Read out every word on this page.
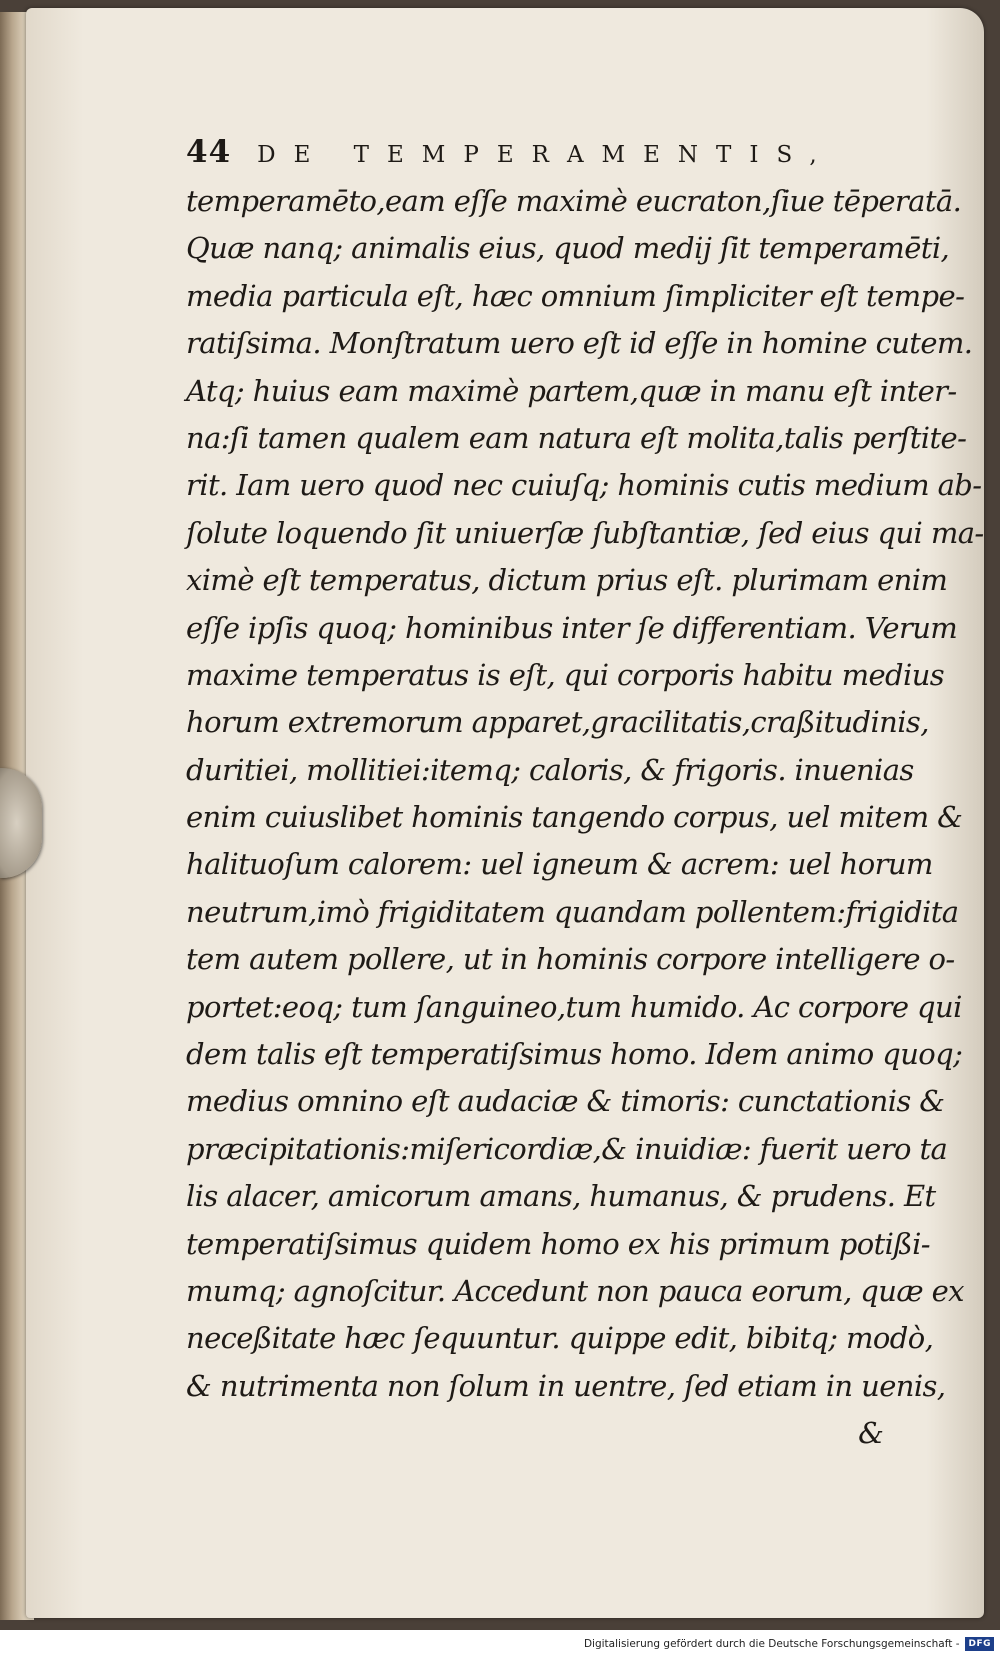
44 DE TEMPERAMENTIS,
temperamēto,eam eſſe maximè eucraton,ſiue tēperatā.
Quæ nanq; animalis eius, quod medij ſit temperamēti,
media particula eſt, hæc omnium ſimpliciter eſt tempe-
ratiſsima. Monſtratum uero eſt id eſſe in homine cutem.
Atq; huius eam maximè partem,quæ in manu eſt inter-
na:ſi tamen qualem eam natura eſt molita,talis perſtite-
rit. Iam uero quod nec cuiuſq; hominis cutis medium ab-
ſolute loquendo ſit uniuerſæ ſubſtantiæ, ſed eius qui ma-
ximè eſt temperatus, dictum prius eſt. plurimam enim
eſſe ipſis quoq; hominibus inter ſe differentiam. Verum
maxime temperatus is eſt, qui corporis habitu medius
horum extremorum apparet,gracilitatis,craßitudinis,
duritiei, mollitiei:itemq; caloris, & frigoris. inuenias
enim cuiuslibet hominis tangendo corpus, uel mitem &
halituoſum calorem: uel igneum & acrem: uel horum
neutrum,imò frigiditatem quandam pollentem:frigidita
tem autem pollere, ut in hominis corpore intelligere o-
portet:eoq; tum ſanguineo,tum humido. Ac corpore qui
dem talis eſt temperatiſsimus homo. Idem animo quoq;
medius omnino eſt audaciæ & timoris: cunctationis &
præcipitationis:miſericordiæ,& inuidiæ: fuerit uero ta
lis alacer, amicorum amans, humanus, & prudens. Et
temperatiſsimus quidem homo ex his primum potißi-
mumq; agnoſcitur. Accedunt non pauca eorum, quæ ex
neceßitate hæc ſequuntur. quippe edit, bibitq; modò,
& nutrimenta non ſolum in uentre, ſed etiam in uenis,
&
Digitalisierung gefördert durch die Deutsche Forschungsgemeinschaft -	DFG
